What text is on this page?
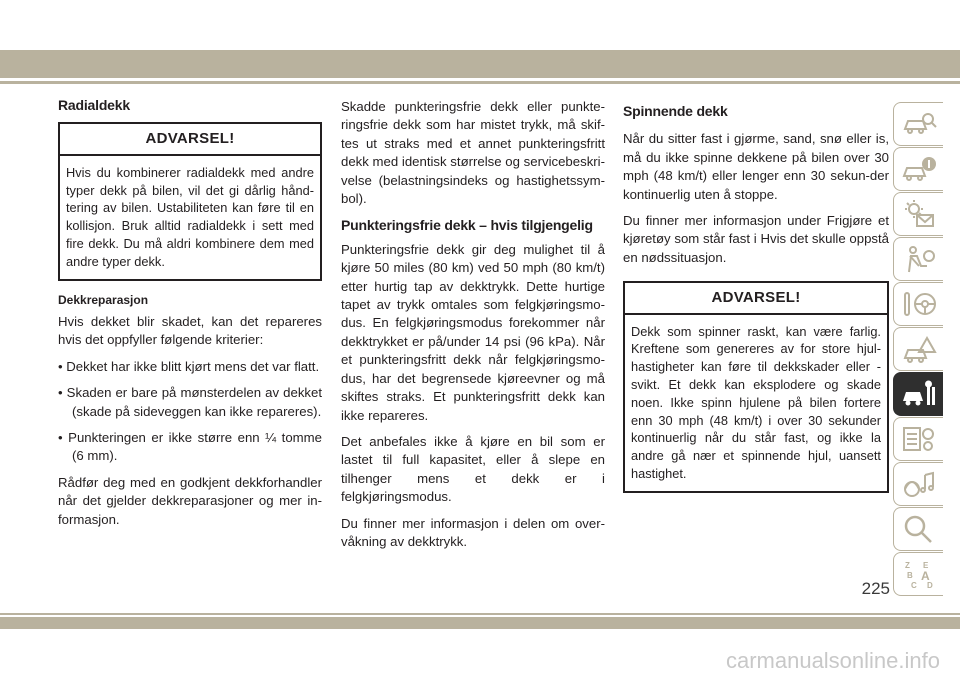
Radialdekk
ADVARSEL!
Hvis du kombinerer radialdekk med andre typer dekk på bilen, vil det gi dårlig hånd-tering av bilen. Ustabiliteten kan føre til en kollisjon. Bruk alltid radialdekk i sett med fire dekk. Du må aldri kombinere dem med andre typer dekk.
Dekkreparasjon

Hvis dekket blir skadet, kan det repareres hvis det oppfyller følgende kriterier:

• Dekket har ikke blitt kjørt mens det var flatt.
• Skaden er bare på mønsterdelen av dekket (skade på sideveggen kan ikke repareres).
• Punkteringen er ikke større enn ¼ tomme (6 mm).

Rådfør deg med en godkjent dekkforhandler når det gjelder dekkreparasjoner og mer in-formasjon.

Skadde punkteringsfrie dekk eller punkte-ringsfrie dekk som har mistet trykk, må skif-tes ut straks med et annet punkteringsfritt dekk med identisk størrelse og servicebeskri-velse (belastningsindeks og hastighetssym-bol).

Punkteringsfrie dekk – hvis tilgjengelig

Punkteringsfrie dekk gir deg mulighet til å kjøre 50 miles (80 km) ved 50 mph (80 km/t) etter hurtig tap av dekktrykk. Dette hurtige tapet av trykk omtales som felgkjøringsmo-dus. En felgkjøringsmodus forekommer når dekktrykket er på/under 14 psi (96 kPa). Når et punkteringsfritt dekk når felgkjøringsmo-dus, har det begrensede kjøreevner og må skiftes straks. Et punkteringsfritt dekk kan ikke repareres.

Det anbefales ikke å kjøre en bil som er lastet til full kapasitet, eller å slepe en tilhenger mens et dekk er i felgkjøringsmodus.

Du finner mer informasjon i delen om over-våkning av dekktrykk.

Spinnende dekk

Når du sitter fast i gjørme, sand, snø eller is, må du ikke spinne dekkene på bilen over 30 mph (48 km/t) eller lenger enn 30 sekun-der kontinuerlig uten å stoppe.

Du finner mer informasjon under Frigjøre et kjøretøy som står fast i Hvis det skulle oppstå en nødssituasjon.

ADVARSEL!
Dekk som spinner raskt, kan være farlig. Kreftene som genereres av for store hjul-hastigheter kan føre til dekkskader eller -svikt. Et dekk kan eksplodere og skade noen. Ikke spinn hjulene på bilen fortere enn 30 mph (48 km/t) i over 30 sekunder kontinuerlig når du står fast, og ikke la andre gå nær et spinnende hjul, uansett hastighet.
Z E
B A
C D
225
carmanualsonline.info
